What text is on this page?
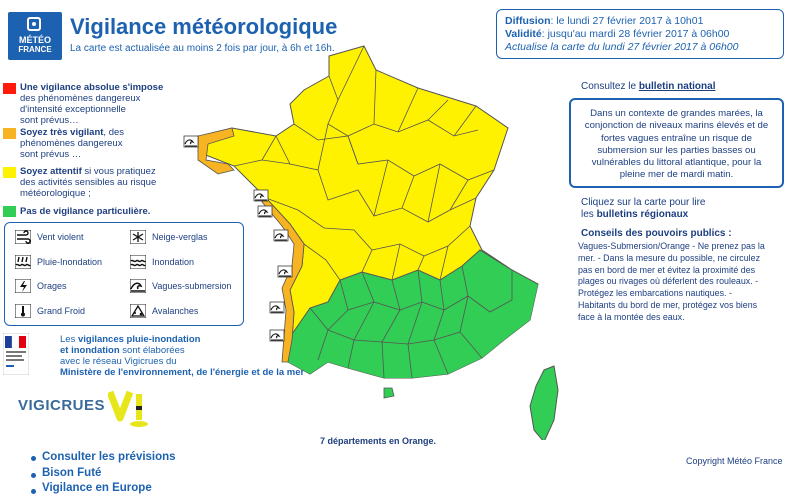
MÉTÉO
FRANCE
Vigilance météorologique
La carte est actualisée au moins 2 fois par jour, à 6h et 16h.
Diffusion: le lundi 27 février 2017 à 10h01
Validité: jusqu'au mardi 28 février 2017 à 06h00
Actualise la carte du lundi 27 février 2017 à 06h00
Une vigilance absolue s'impose
des phénomènes dangereux
d'intensité exceptionnelle
sont prévus…
Soyez très vigilant, des
phénomènes dangereux
sont prévus …
Soyez attentif si vous pratiquez
des activités sensibles au risque
météorologique ;
Pas de vigilance particulière.
Vent violent	Neige-verglas
Pluie-Inondation	Inondation
Orages	Vagues-submersion
Grand Froid	Avalanches
Les vigilances pluie-inondation
et inondation sont élaborées
avec le réseau Vigicrues du
Ministère de l'environnement, de l'énergie et de la mer
VIGICRUES
7 départements en Orange.
Consultez le bulletin national
Dans un contexte de grandes marées, la conjonction de niveaux marins élevés et de fortes vagues entraîne un risque de submersion sur les parties basses ou vulnérables du littoral atlantique, pour la pleine mer de mardi matin.
Cliquez sur la carte pour lire
les bulletins régionaux
Conseils des pouvoirs publics :
Vagues-Submersion/Orange - Ne prenez pas la
mer. - Dans la mesure du possible, ne circulez
pas en bord de mer et évitez la proximité des
plages ou rivages où déferlent des rouleaux. -
Protégez les embarcations nautiques. -
Habitants du bord de mer, protégez vos biens
face à la montée des eaux.
Copyright Météo France
Consulter les prévisions
Bison Futé
Vigilance en Europe
